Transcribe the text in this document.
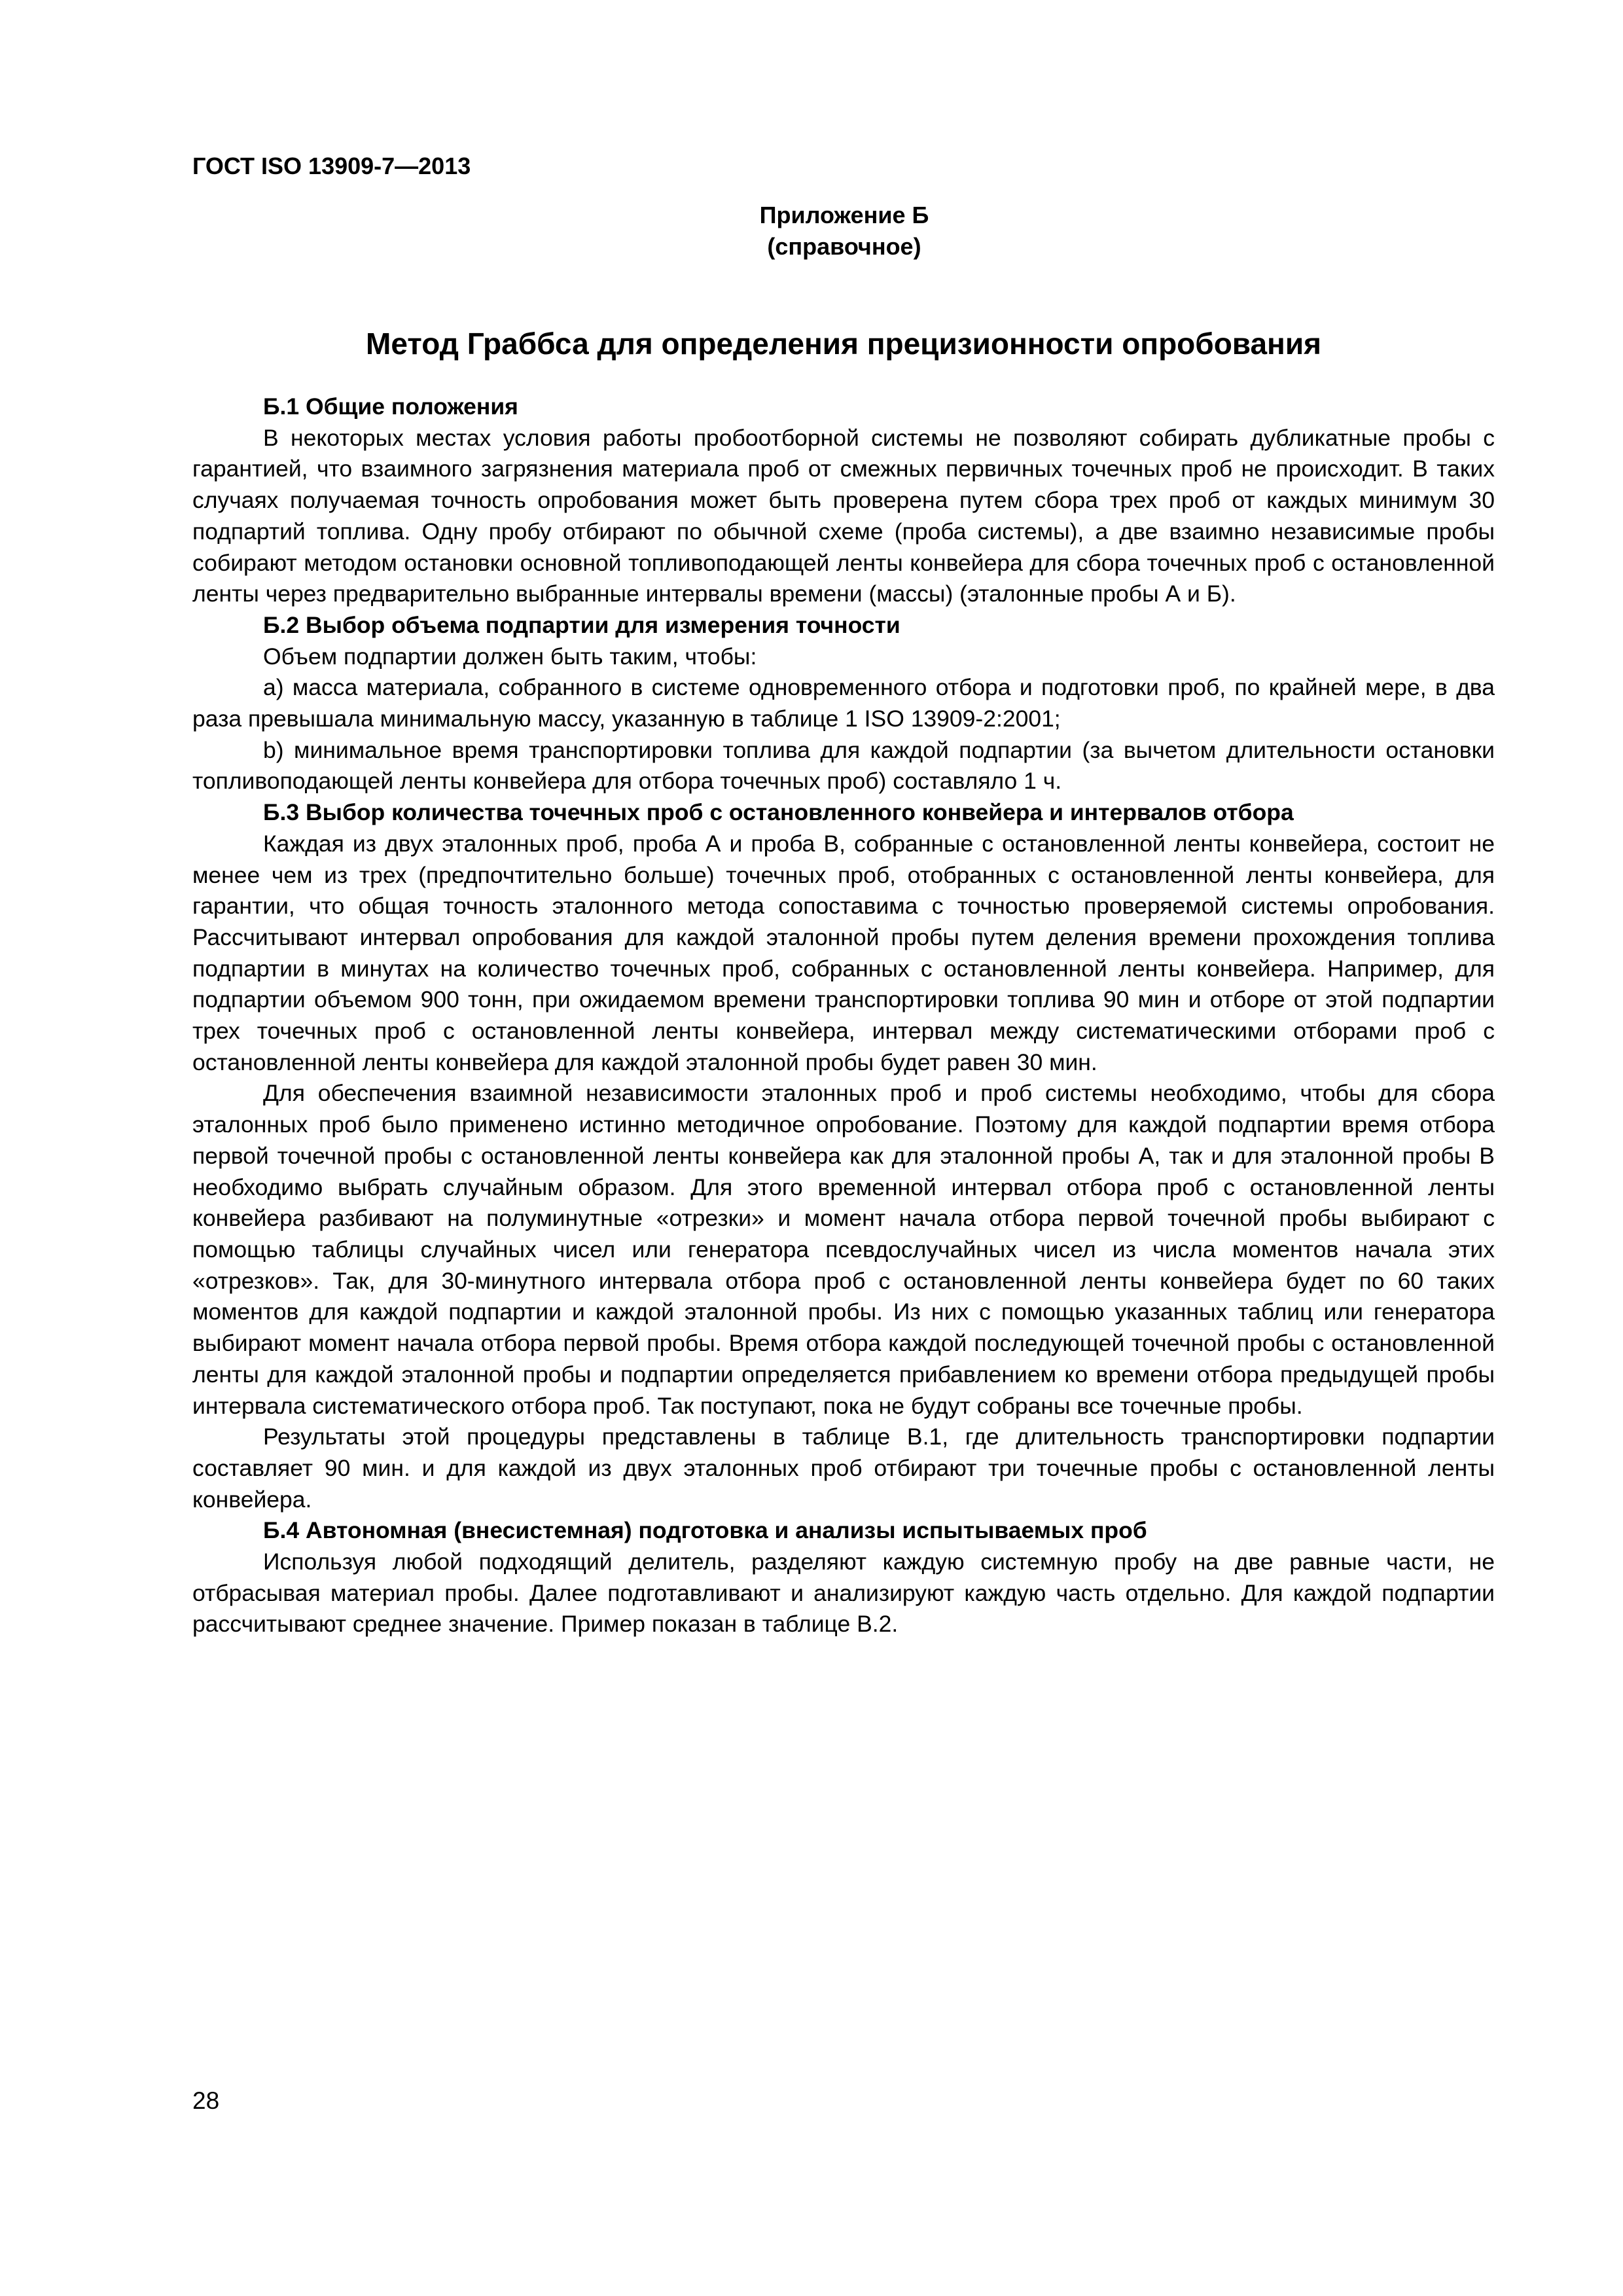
ГОСТ ISO 13909-7—2013
Приложение Б
(справочное)
Метод Граббса для определения прецизионности опробования

Б.1 Общие положения

В некоторых местах условия работы пробоотборной системы не позволяют собирать дубликатные пробы с гарантией, что взаимного загрязнения материала проб от смежных первичных точечных проб не происходит. В таких случаях получаемая точность опробования может быть проверена путем сбора трех проб от каждых минимум 30 подпартий топлива. Одну пробу отбирают по обычной схеме (проба системы), а две взаимно независимые пробы собирают методом остановки основной топливоподающей ленты конвейера для сбора точечных проб с остановленной ленты через предварительно выбранные интервалы времени (массы) (эталонные пробы А и Б).

Б.2 Выбор объема подпартии для измерения точности

Объем подпартии должен быть таким, чтобы:

а) масса материала, собранного в системе одновременного отбора и подготовки проб, по крайней мере, в два раза превышала минимальную массу, указанную в таблице 1 ISO 13909-2:2001;

b) минимальное время транспортировки топлива для каждой подпартии (за вычетом длительности остановки топливоподающей ленты конвейера для отбора точечных проб) составляло 1 ч.

Б.3 Выбор количества точечных проб с остановленного конвейера и интервалов отбора

Каждая из двух эталонных проб, проба А и проба В, собранные с остановленной ленты конвейера, состоит не менее чем из трех (предпочтительно больше) точечных проб, отобранных с остановленной ленты конвейера, для гарантии, что общая точность эталонного метода сопоставима с точностью проверяемой системы опробования. Рассчитывают интервал опробования для каждой эталонной пробы путем деления времени прохождения топлива подпартии в минутах на количество точечных проб, собранных с остановленной ленты конвейера. Например, для подпартии объемом 900 тонн, при ожидаемом времени транспортировки топлива 90 мин и отборе от этой подпартии трех точечных проб с остановленной ленты конвейера, интервал между систематическими отборами проб с остановленной ленты конвейера для каждой эталонной пробы будет равен 30 мин.

Для обеспечения взаимной независимости эталонных проб и проб системы необходимо, чтобы для сбора эталонных проб было применено истинно методичное опробование. Поэтому для каждой подпартии время отбора первой точечной пробы с остановленной ленты конвейера как для эталонной пробы А, так и для эталонной пробы В необходимо выбрать случайным образом. Для этого временной интервал отбора проб с остановленной ленты конвейера разбивают на полуминутные «отрезки» и момент начала отбора первой точечной пробы выбирают с помощью таблицы случайных чисел или генератора псевдослучайных чисел из числа моментов начала этих «отрезков». Так, для 30-минутного интервала отбора проб с остановленной ленты конвейера будет по 60 таких моментов для каждой подпартии и каждой эталонной пробы. Из них с помощью указанных таблиц или генератора выбирают момент начала отбора первой пробы. Время отбора каждой последующей точечной пробы с остановленной ленты для каждой эталонной пробы и подпартии определяется прибавлением ко времени отбора предыдущей пробы интервала систематического отбора проб. Так поступают, пока не будут собраны все точечные пробы.

Результаты этой процедуры представлены в таблице В.1, где длительность транспортировки подпартии составляет 90 мин. и для каждой из двух эталонных проб отбирают три точечные пробы с остановленной ленты конвейера.

Б.4 Автономная (внесистемная) подготовка и анализы испытываемых проб

Используя любой подходящий делитель, разделяют каждую системную пробу на две равные части, не отбрасывая материал пробы. Далее подготавливают и анализируют каждую часть отдельно. Для каждой подпартии рассчитывают среднее значение. Пример показан в таблице В.2.

28
